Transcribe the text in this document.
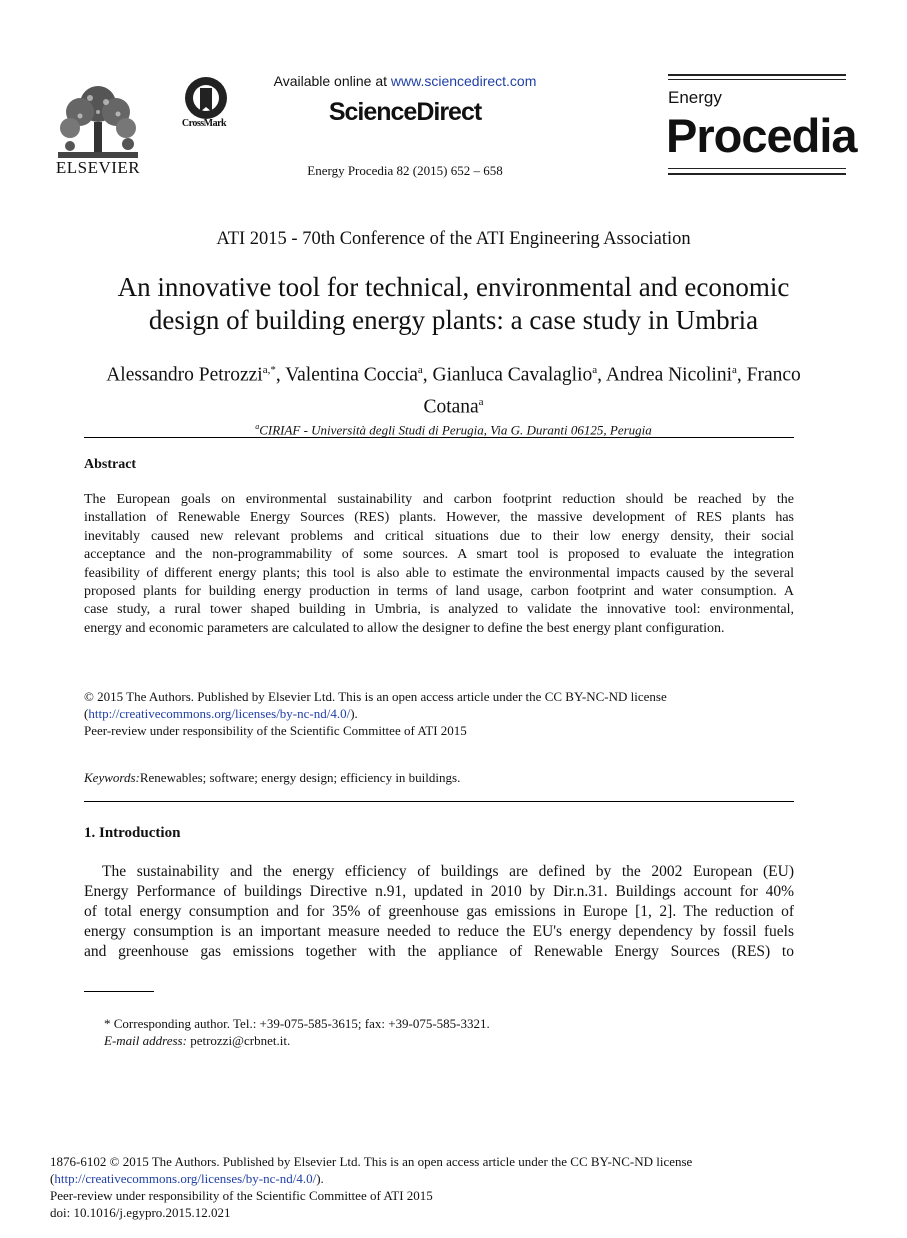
ELSEVIER
CrossMark
Available online at www.sciencedirect.com
ScienceDirect
Energy Procedia 82 (2015) 652 – 658
Energy
Procedia
ATI 2015 - 70th Conference of the ATI Engineering Association
An innovative tool for technical, environmental and economic
design of building energy plants: a case study in Umbria
Alessandro Petrozzi$^{a,*}$, Valentina Coccia$^a$, Gianluca Cavalaglio$^a$, Andrea Nicolini$^a$, Franco Cotana$^a$
$^a$CIRIAF - Università degli Studi di Perugia, Via G. Duranti 06125, Perugia
Abstract

The European goals on environmental sustainability and carbon footprint reduction should be reached by the

installation of Renewable Energy Sources (RES) plants. However, the massive development of RES plants has

inevitably caused new relevant problems and critical situations due to their low energy density, their social

acceptance and the non-programmability of some sources. A smart tool is proposed to evaluate the integration

feasibility of different energy plants; this tool is also able to estimate the environmental impacts caused by the several

proposed plants for building energy production in terms of land usage, carbon footprint and water consumption. A

case study, a rural tower shaped building in Umbria, is analyzed to validate the innovative tool: environmental,

energy and economic parameters are calculated to allow the designer to define the best energy plant configuration.

© 2015 The Authors. Published by Elsevier Ltd. This is an open access article under the CC BY-NC-ND license
(http://creativecommons.org/licenses/by-nc-nd/4.0/).
Peer-review under responsibility of the Scientific Committee of ATI 2015
Keywords:Renewables; software; energy design; efficiency in buildings.
1. Introduction

The sustainability and the energy efficiency of buildings are defined by the 2002 European (EU)

Energy Performance of buildings Directive n.91, updated in 2010 by Dir.n.31. Buildings account for 40%

of total energy consumption and for 35% of greenhouse gas emissions in Europe [1, 2]. The reduction of

energy consumption is an important measure needed to reduce the EU's energy dependency by fossil fuels

and greenhouse gas emissions together with the appliance of Renewable Energy Sources (RES) to

* Corresponding author. Tel.: +39-075-585-3615; fax: +39-075-585-3321.
E-mail address: petrozzi@crbnet.it.
1876-6102 © 2015 The Authors. Published by Elsevier Ltd. This is an open access article under the CC BY-NC-ND license
(http://creativecommons.org/licenses/by-nc-nd/4.0/).
Peer-review under responsibility of the Scientific Committee of ATI 2015
doi: 10.1016/j.egypro.2015.12.021
